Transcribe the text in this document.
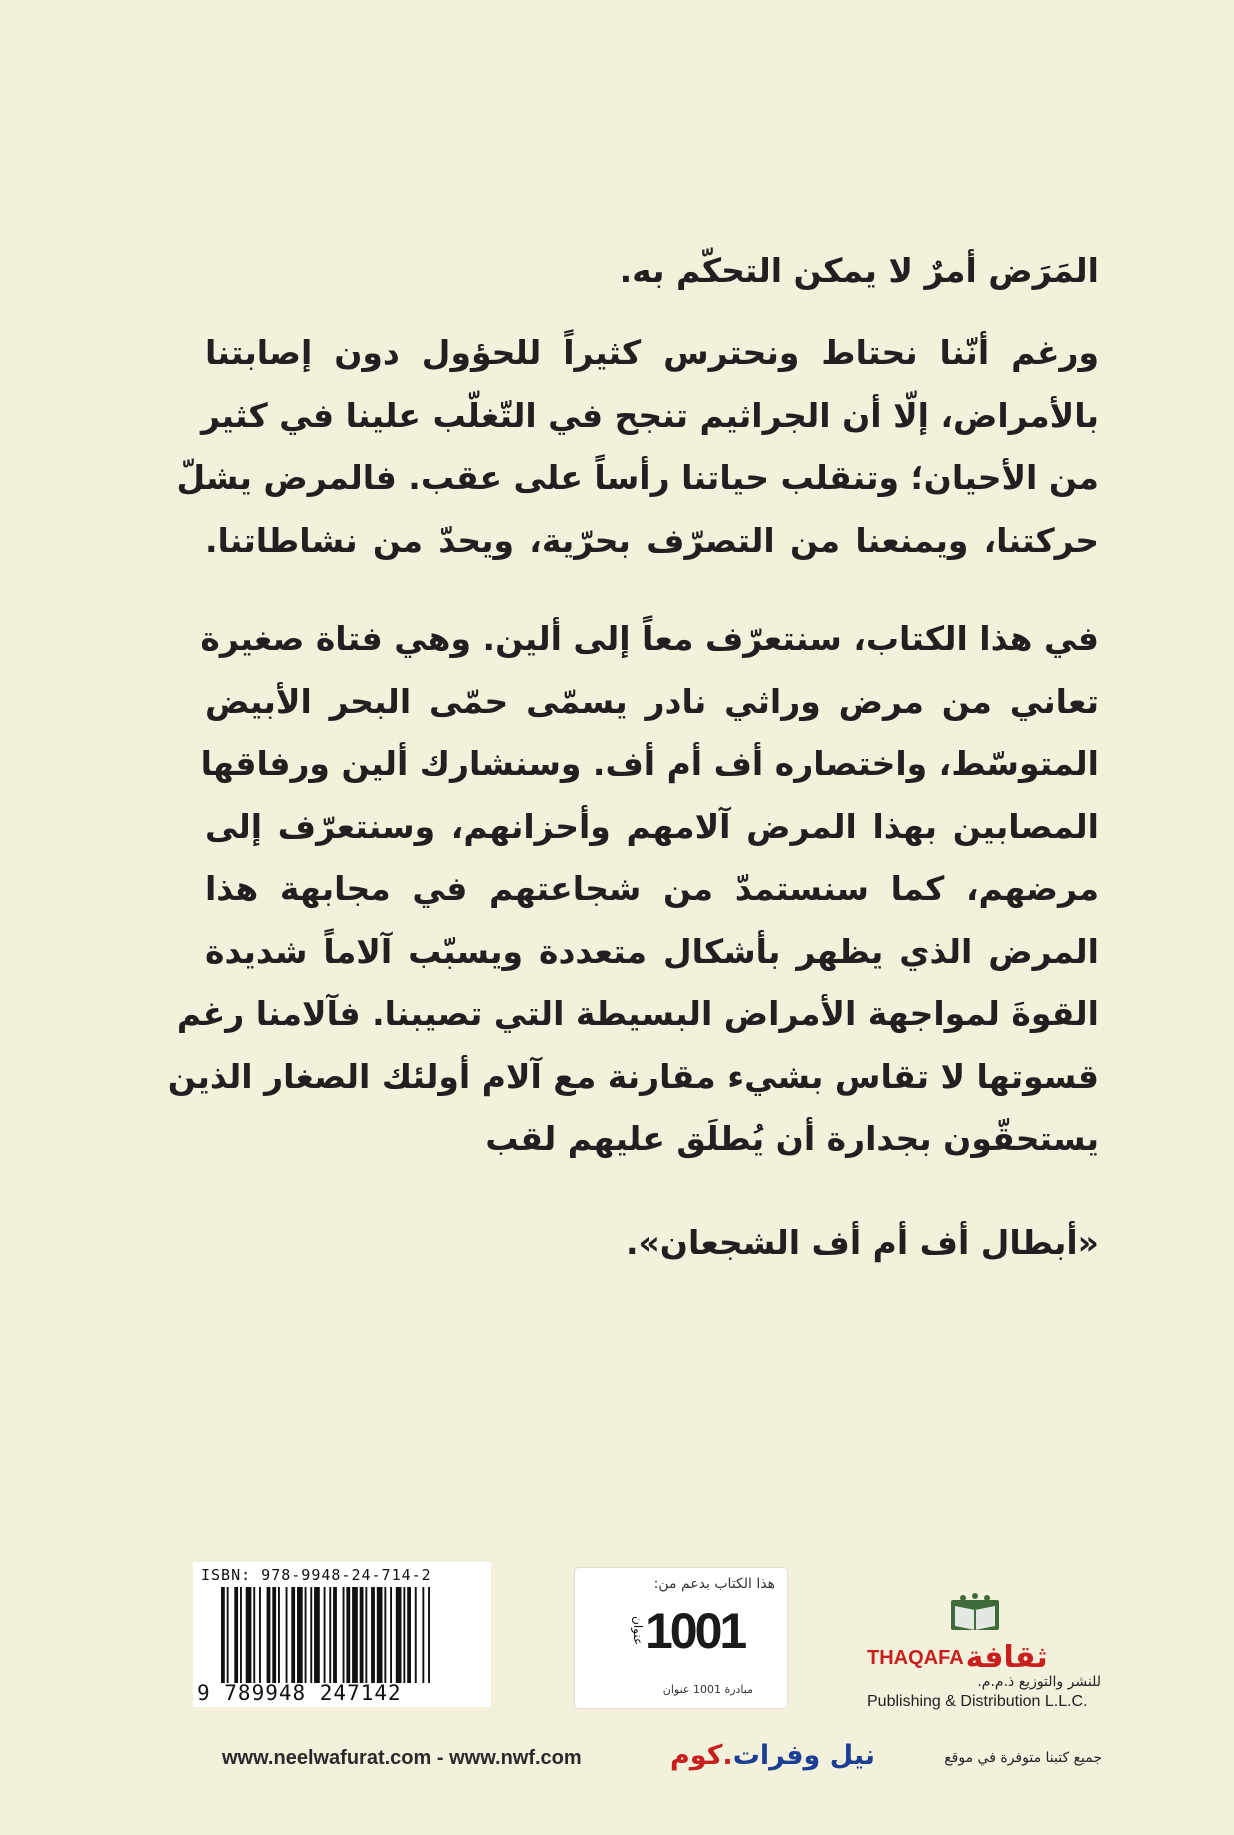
المَرَض أمرٌ لا يمكن التحكّم به.
ورغم أنّنا نحتاط ونحترس كثيراً للحؤول دون إصابتنا
بالأمراض، إلّا أن الجراثيم تنجح في التّغلّب علينا في كثير
من الأحيان؛ وتنقلب حياتنا رأساً على عقب. فالمرض يشلّ
حركتنا، ويمنعنا من التصرّف بحرّية، ويحدّ من نشاطاتنا.
في هذا الكتاب، سنتعرّف معاً إلى ألين. وهي فتاة صغيرة
تعاني من مرض وراثي نادر يسمّى حمّى البحر الأبيض
المتوسّط، واختصاره أف أم أف. وسنشارك ألين ورفاقها
المصابين بهذا المرض آلامهم وأحزانهم، وسنتعرّف إلى
مرضهم، كما سنستمدّ من شجاعتهم في مجابهة هذا
المرض الذي يظهر بأشكال متعددة ويسبّب آلاماً شديدة
القوةَ لمواجهة الأمراض البسيطة التي تصيبنا. فآلامنا رغم
قسوتها لا تقاس بشيء مقارنة مع آلام أولئك الصغار الذين
يستحقّون بجدارة أن يُطلَق عليهم لقب
«أبطال أف أم أف الشجعان».
ISBN: 978-9948-24-714-2
9 789948 247142
هذا الكتاب بدعم من:
عنوان 1001
مبادرة 1001 عنوان
THAQAFA ثقافة
للنشر والتوزيع ذ.م.م.
Publishing & Distribution L.L.C.
www.neelwafurat.com - www.nwf.com	نيل وفرات.كوم	جميع كتبنا متوفرة في موقع
